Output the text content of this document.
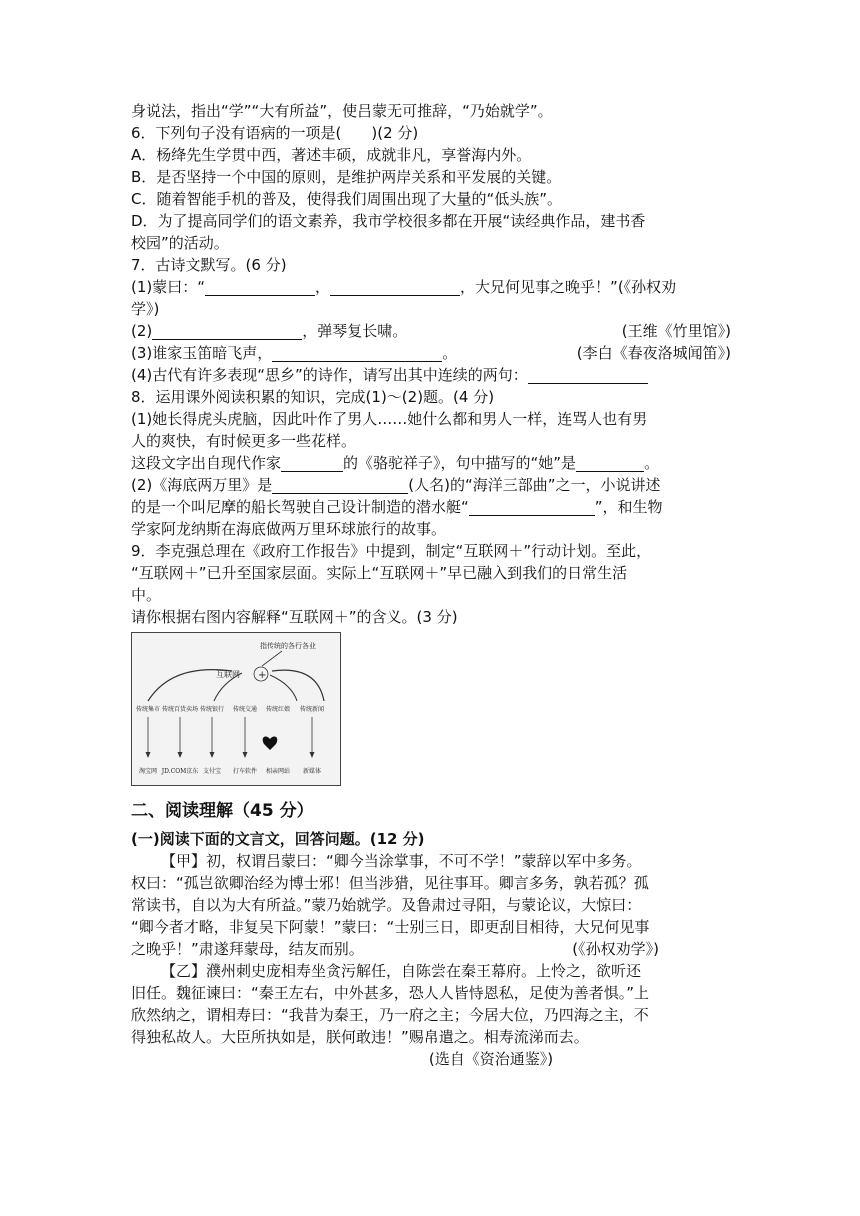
身说法，指出“学”“大有所益”，使吕蒙无可推辞，“乃始就学”。
6．下列句子没有语病的一项是(　　)(2 分)
A．杨绛先生学贯中西，著述丰硕，成就非凡，享誉海内外。
B．是否坚持一个中国的原则，是维护两岸关系和平发展的关键。
C．随着智能手机的普及，使得我们周围出现了大量的“低头族”。
D．为了提高同学们的语文素养，我市学校很多都在开展“读经典作品，建书香
校园”的活动。
7．古诗文默写。(6 分)
(1)蒙曰：“	，	，大兄何见事之晚乎！”(《孙权劝
学》)
(2)	，弹琴复长啸。	(王维《竹里馆》)
(3)谁家玉笛暗飞声，	。	(李白《春夜洛城闻笛》)
(4)古代有许多表现“思乡”的诗作，请写出其中连续的两句：
8．运用课外阅读积累的知识，完成(1)～(2)题。(4 分)
(1)她长得虎头虎脑，因此叶作了男人……她什么都和男人一样，连骂人也有男
人的爽快，有时候更多一些花样。
这段文字出自现代作家	的《骆驼祥子》，句中描写的“她”是	。
(2)《海底两万里》是	(人名)的“海洋三部曲”之一，小说讲述
的是一个叫尼摩的船长驾驶自己设计制造的潜水艇“	”，和生物
学家阿龙纳斯在海底做两万里环球旅行的故事。
9．李克强总理在《政府工作报告》中提到，制定“互联网＋”行动计划。至此，
“互联网＋”已升至国家层面。实际上“互联网＋”早已融入到我们的日常生活
中。
请你根据右图内容解释“互联网＋”的含义。(3 分)
指传统的各行各业
互联网 +
传统集市 传统百货卖场 传统银行 传统交通 传统红娘 传统新闻
淘宝网 JD.COM京东 支付宝 打车软件 相亲网站 新媒体
二、阅读理解（45 分）
(一)阅读下面的文言文，回答问题。(12 分)
【甲】初，权谓吕蒙曰：“卿今当涂掌事，不可不学！”蒙辞以军中多务。
权曰：“孤岂欲卿治经为博士邪！但当涉猎，见往事耳。卿言多务，孰若孤？孤
常读书，自以为大有所益。”蒙乃始就学。及鲁肃过寻阳，与蒙论议，大惊曰：
“卿今者才略，非复吴下阿蒙！”蒙曰：“士别三日，即更刮目相待，大兄何见事
之晚乎！”肃遂拜蒙母，结友而别。	(《孙权劝学》)
【乙】濮州刺史庞相寿坐贪污解任，自陈尝在秦王幕府。上怜之，欲听还
旧任。魏征谏曰：“秦王左右，中外甚多，恐人人皆恃恩私，足使为善者惧。”上
欣然纳之，谓相寿曰：“我昔为秦王，乃一府之主；今居大位，乃四海之主，不
得独私故人。大臣所执如是，朕何敢违！”赐帛遣之。相寿流涕而去。
(选自《资治通鉴》)
